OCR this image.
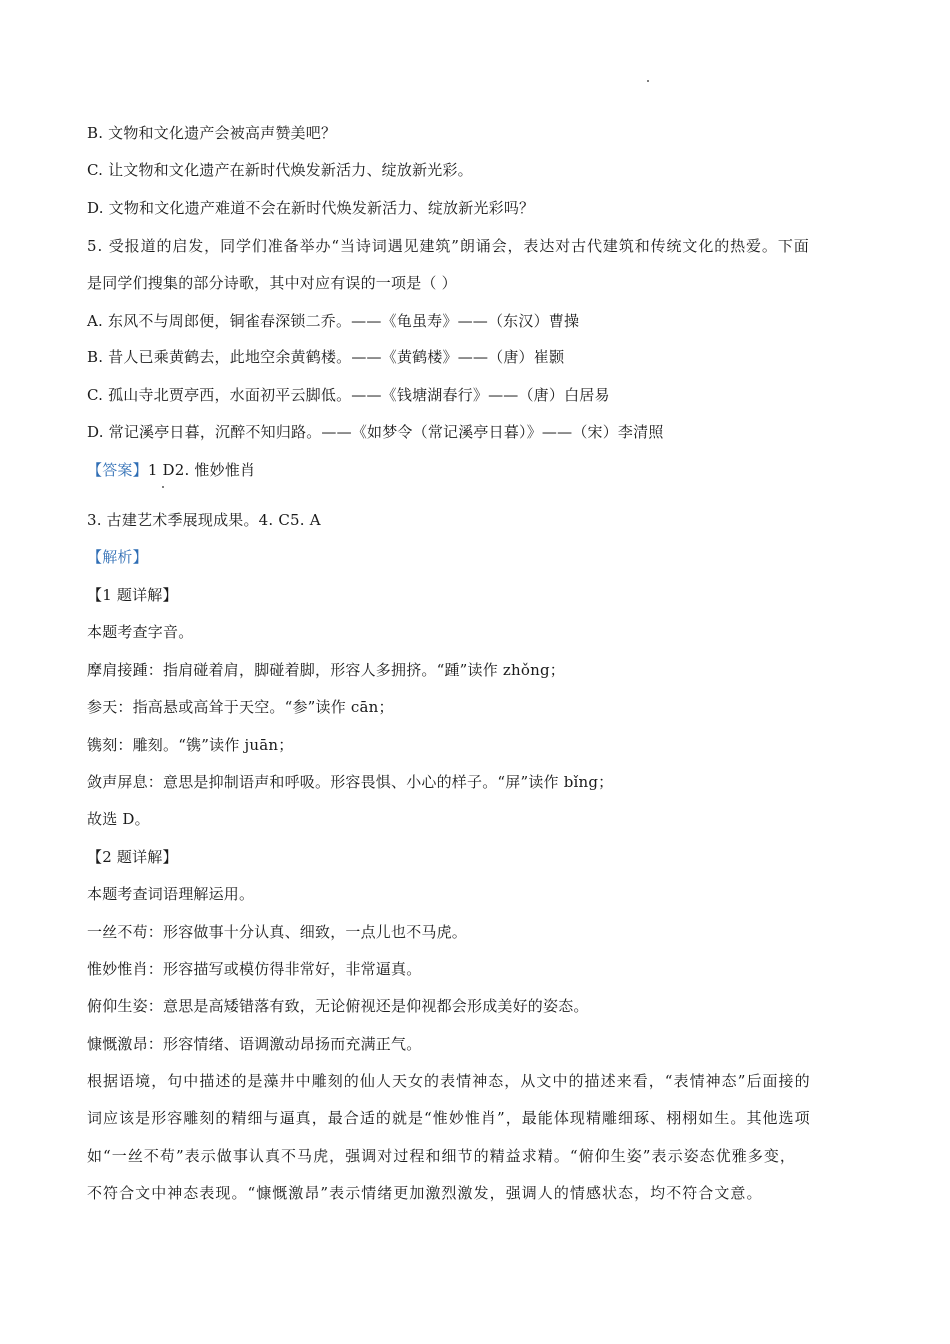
B. 文物和文化遗产会被高声赞美吧？
C. 让文物和文化遗产在新时代焕发新活力、绽放新光彩。
D. 文物和文化遗产难道不会在新时代焕发新活力、绽放新光彩吗？
5. 受报道的启发，同学们准备举办“当诗词遇见建筑”朗诵会，表达对古代建筑和传统文化的热爱。下面
是同学们搜集的部分诗歌，其中对应有误的一项是（ ）
A. 东风不与周郎便，铜雀春深锁二乔。——《龟虽寿》——（东汉）曹操
B. 昔人已乘黄鹤去，此地空余黄鹤楼。——《黄鹤楼》——（唐）崔颢
C. 孤山寺北贾亭西，水面初平云脚低。——《钱塘湖春行》——（唐）白居易
D. 常记溪亭日暮，沉醉不知归路。——《如梦令（常记溪亭日暮）》——（宋）李清照
【答案】1 D2. 惟妙惟肖
3. 古建艺术季展现成果。4. C5. A
【解析】
【1 题详解】
本题考查字音。
摩肩接踵：指肩碰着肩，脚碰着脚，形容人多拥挤。“踵”读作 zhǒng；
参天：指高悬或高耸于天空。“参”读作 cān；
镌刻：雕刻。“镌”读作 juān；
敛声屏息：意思是抑制语声和呼吸。形容畏惧、小心的样子。“屏”读作 bǐng；
故选 D。
【2 题详解】
本题考查词语理解运用。
一丝不苟：形容做事十分认真、细致，一点儿也不马虎。
惟妙惟肖：形容描写或模仿得非常好，非常逼真。
俯仰生姿：意思是高矮错落有致，无论俯视还是仰视都会形成美好的姿态。
慷慨激昂：形容情绪、语调激动昂扬而充满正气。
根据语境，句中描述的是藻井中雕刻的仙人天女的表情神态，从文中的描述来看，“表情神态”后面接的
词应该是形容雕刻的精细与逼真，最合适的就是“惟妙惟肖”，最能体现精雕细琢、栩栩如生。其他选项
如“一丝不苟”表示做事认真不马虎，强调对过程和细节的精益求精。“俯仰生姿”表示姿态优雅多变，
不符合文中神态表现。“慷慨激昂”表示情绪更加激烈激发，强调人的情感状态，均不符合文意。
